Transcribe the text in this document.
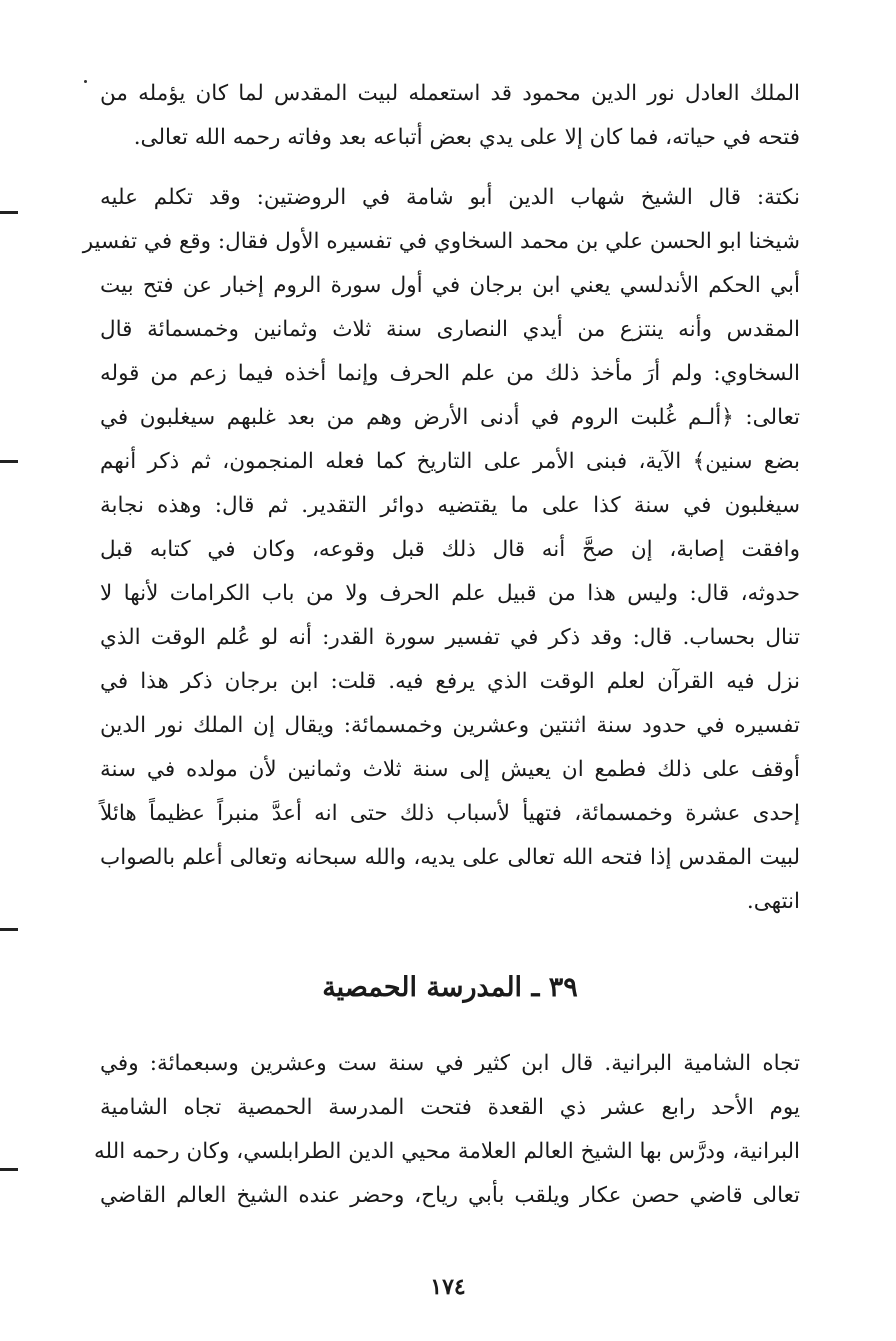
الملك العادل نور الدين محمود قد استعمله لبيت المقدس لما كان يؤمله من
فتحه في حياته، فما كان إلا على يدي بعض أتباعه بعد وفاته رحمه الله تعالى.
نكتة: قال الشيخ شهاب الدين أبو شامة في الروضتين: وقد تكلم عليه
شيخنا ابو الحسن علي بن محمد السخاوي في تفسيره الأول فقال: وقع في تفسير
أبي الحكم الأندلسي يعني ابن برجان في أول سورة الروم إخبار عن فتح بيت
المقدس وأنه ينتزع من أيدي النصارى سنة ثلاث وثمانين وخمسمائة قال
السخاوي: ولم أرَ مأخذ ذلك من علم الحرف وإنما أخذه فيما زعم من قوله
تعالى: ﴿ألـم غُلبت الروم في أدنى الأرض وهم من بعد غلبهم سيغلبون في
بضع سنين﴾ الآية، فبنى الأمر على التاريخ كما فعله المنجمون، ثم ذكر أنهم
سيغلبون في سنة كذا على ما يقتضيه دوائر التقدير. ثم قال: وهذه نجابة
وافقت إصابة، إن صحَّ أنه قال ذلك قبل وقوعه، وكان في كتابه قبل
حدوثه، قال: وليس هذا من قبيل علم الحرف ولا من باب الكرامات لأنها لا
تنال بحساب. قال: وقد ذكر في تفسير سورة القدر: أنه لو عُلم الوقت الذي
نزل فيه القرآن لعلم الوقت الذي يرفع فيه. قلت: ابن برجان ذكر هذا في
تفسيره في حدود سنة اثنتين وعشرين وخمسمائة: ويقال إن الملك نور الدين
أوقف على ذلك فطمع ان يعيش إلى سنة ثلاث وثمانين لأن مولده في سنة
إحدى عشرة وخمسمائة، فتهيأ لأسباب ذلك حتى انه أعدَّ منبراً عظيماً هائلاً
لبيت المقدس إذا فتحه الله تعالى على يديه، والله سبحانه وتعالى أعلم بالصواب
انتهى.
٣٩ ـ المدرسة الحمصية
تجاه الشامية البرانية. قال ابن كثير في سنة ست وعشرين وسبعمائة: وفي
يوم الأحد رابع عشر ذي القعدة فتحت المدرسة الحمصية تجاه الشامية
البرانية، ودرَّس بها الشيخ العالم العلامة محيي الدين الطرابلسي، وكان رحمه الله
تعالى قاضي حصن عكار ويلقب بأبي رياح، وحضر عنده الشيخ العالم القاضي
١٧٤
